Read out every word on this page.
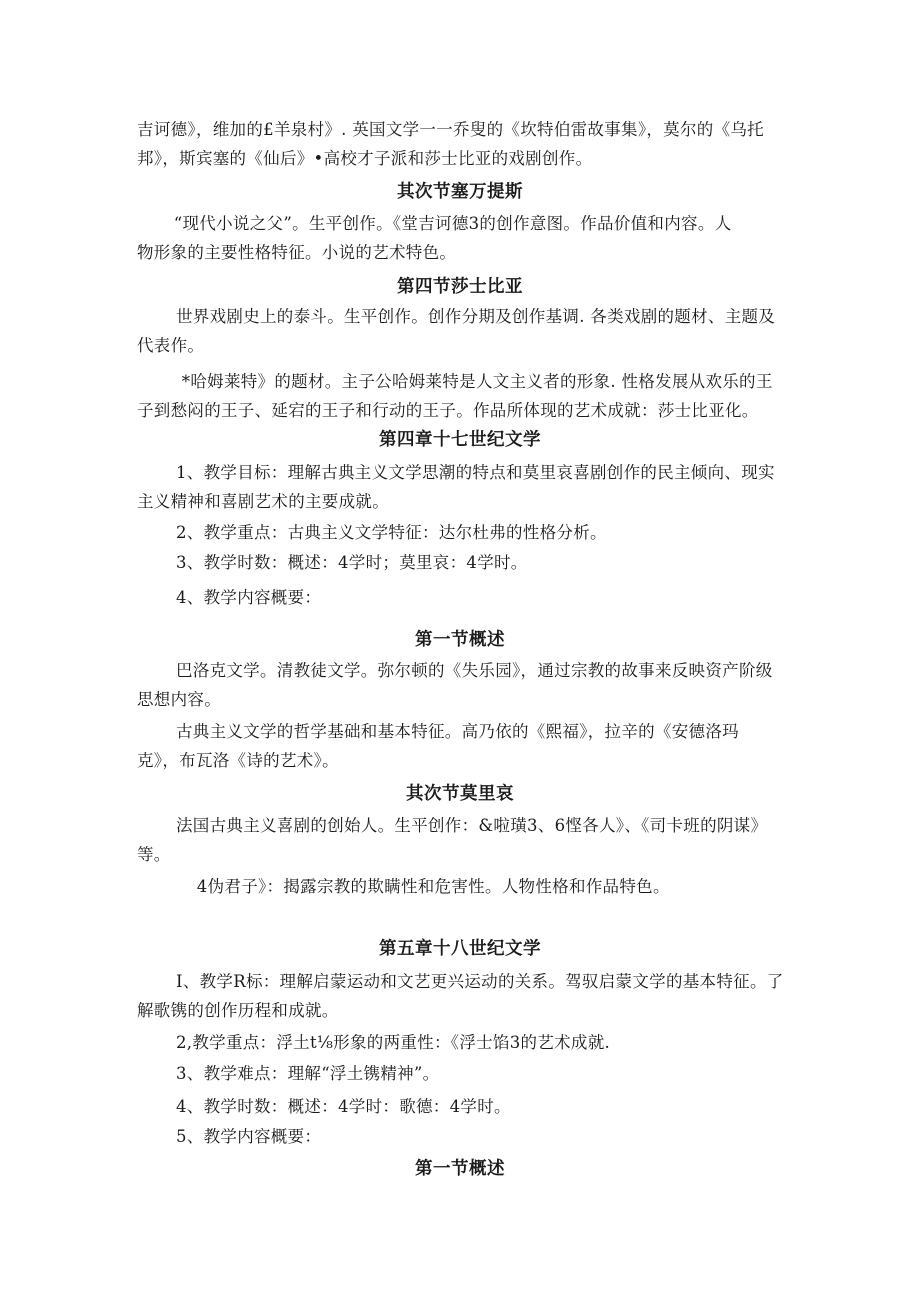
吉诃德》，维加的£羊泉村》. 英国文学一一乔叟的《坎特伯雷故事集》，莫尔的《乌托
邦》，斯宾塞的《仙后》•高校才子派和莎士比亚的戏剧创作。

其次节塞万提斯

　“现代小说之父”。生平创作。《堂吉诃德3的创作意图。作品价值和内容。人
物形象的主要性格特征。小说的艺术特色。

第四节莎士比亚

世界戏剧史上的泰斗。生平创作。创作分期及创作基调. 各类戏剧的题材、主题及
代表作。

　*哈姆莱特》的题材。主子公哈姆莱特是人文主义者的形象. 性格发展从欢乐的王
子到愁闷的王子、延宕的王子和行动的王子。作品所体现的艺术成就：莎士比亚化。

第四章十七世纪文学

1、教学目标：理解古典主义文学思潮的特点和莫里哀喜剧创作的民主倾向、现实
主义精神和喜剧艺术的主要成就。

2、教学重点：古典主义文学特征：达尔杜弗的性格分析。

3、教学时数：概述：4学时；莫里哀：4学时。

4、教学内容概要：

第一节概述

巴洛克文学。清教徒文学。弥尔顿的《失乐园》，通过宗教的故事来反映资产阶级
思想内容。

古典主义文学的哲学基础和基本特征。高乃依的《熙福》，拉辛的《安德洛玛
克》，布瓦洛《诗的艺术》。

其次节莫里哀

法国古典主义喜剧的创始人。生平创作：&啦璜3、6悭各人》、《司卡班的阴谋》
等。

　4伪君子》：揭露宗教的欺瞒性和危害性。人物性格和作品特色。

第五章十八世纪文学

I、教学R标：理解启蒙运动和文艺更兴运动的关系。驾驭启蒙文学的基本特征。了
解歌镌的创作历程和成就。

2,教学重点：浮土t⅛形象的两重性：《浮士馅3的艺术成就.

3、教学难点：理解“浮土镌精神”。

4、教学时数：概述：4学时：歌德：4学时。

5、教学内容概要：

第一节概述
